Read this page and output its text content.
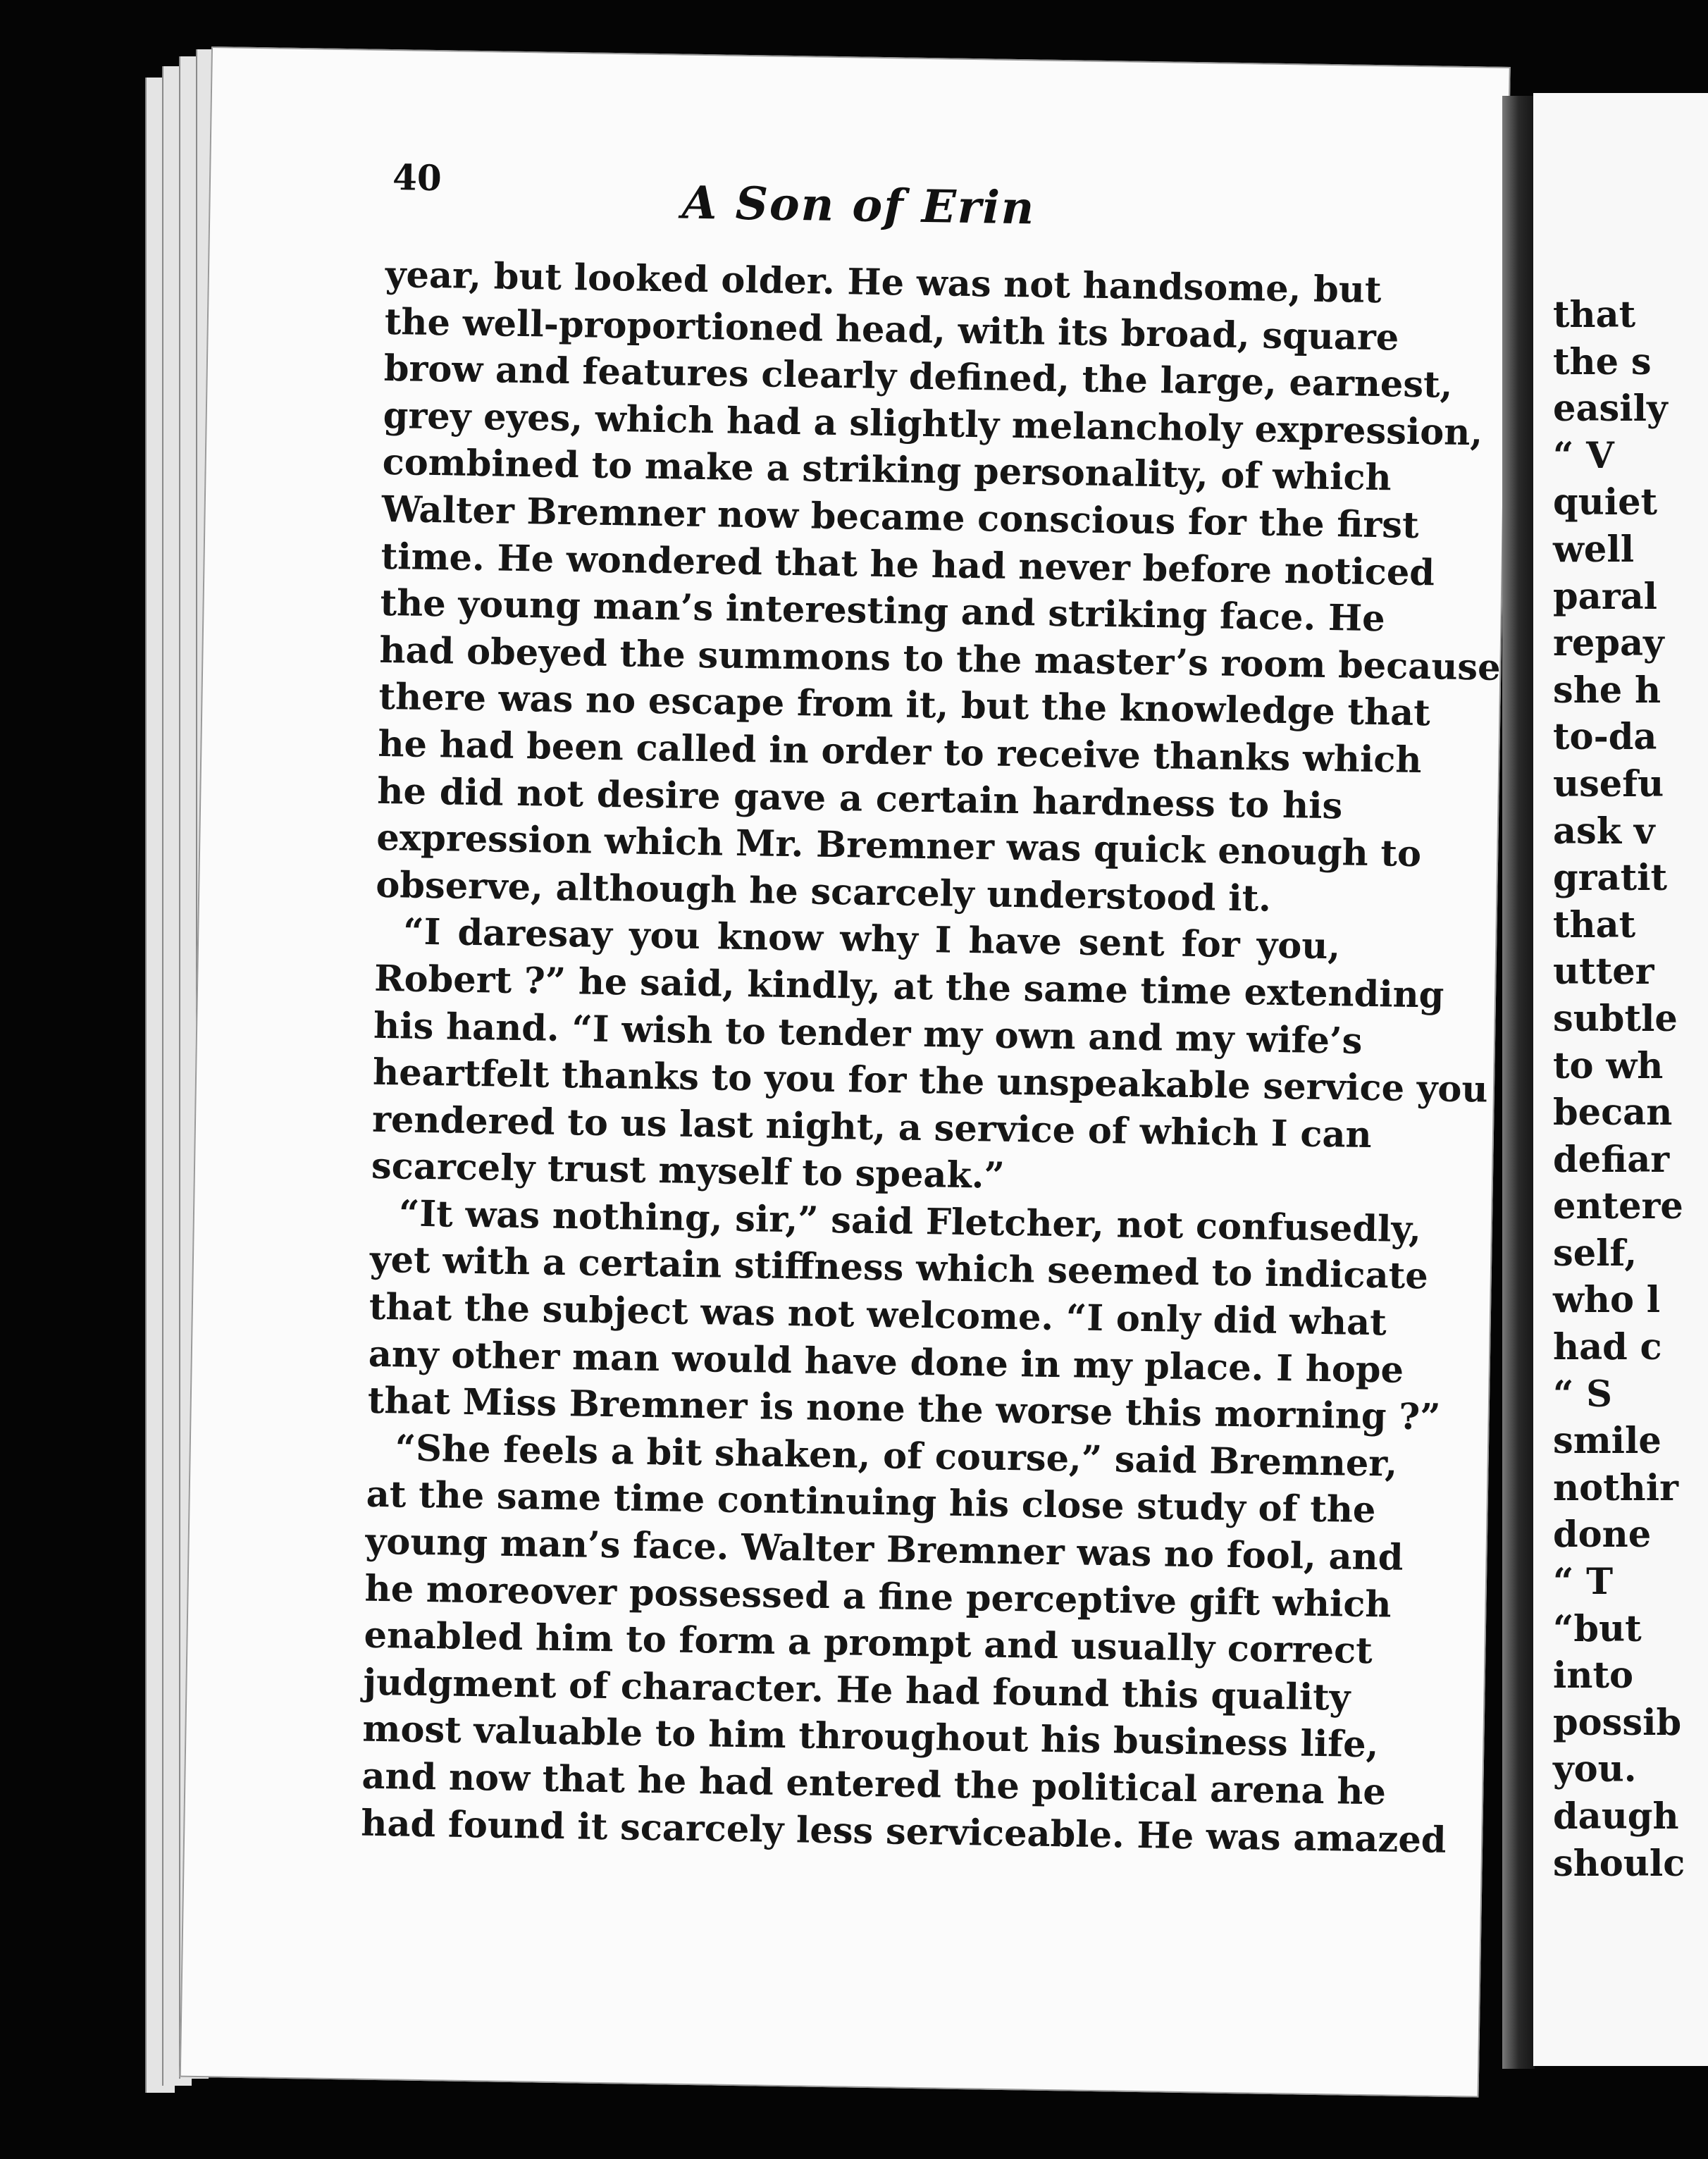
40	A Son of Erin
year, but looked older. He was not handsome, but
the well-proportioned head, with its broad, square
brow and features clearly defined, the large, earnest,
grey eyes, which had a slightly melancholy expression,
combined to make a striking personality, of which
Walter Bremner now became conscious for the first
time. He wondered that he had never before noticed
the young man’s interesting and striking face. He
had obeyed the summons to the master’s room because
there was no escape from it, but the knowledge that
he had been called in order to receive thanks which
he did not desire gave a certain hardness to his
expression which Mr. Bremner was quick enough to
observe, although he scarcely understood it.
“I daresay you know why I have sent for you,
Robert ?” he said, kindly, at the same time extending
his hand. “I wish to tender my own and my wife’s
heartfelt thanks to you for the unspeakable service you
rendered to us last night, a service of which I can
scarcely trust myself to speak.”
“It was nothing, sir,” said Fletcher, not confusedly,
yet with a certain stiffness which seemed to indicate
that the subject was not welcome. “I only did what
any other man would have done in my place. I hope
that Miss Bremner is none the worse this morning ?”
“She feels a bit shaken, of course,” said Bremner,
at the same time continuing his close study of the
young man’s face. Walter Bremner was no fool, and
he moreover possessed a fine perceptive gift which
enabled him to form a prompt and usually correct
judgment of character. He had found this quality
most valuable to him throughout his business life,
and now that he had entered the political arena he
had found it scarcely less serviceable. He was amazed
that
the s
easily
“ V
quiet
well
paral
repay
she h
to-da
usefu
ask v
gratit
that
utter
subtle
to wh
becan
defiar
entere
self,
who l
had c
“ S
smile
nothir
done
“ T
“but
into
possib
you.
daugh
shoulc
